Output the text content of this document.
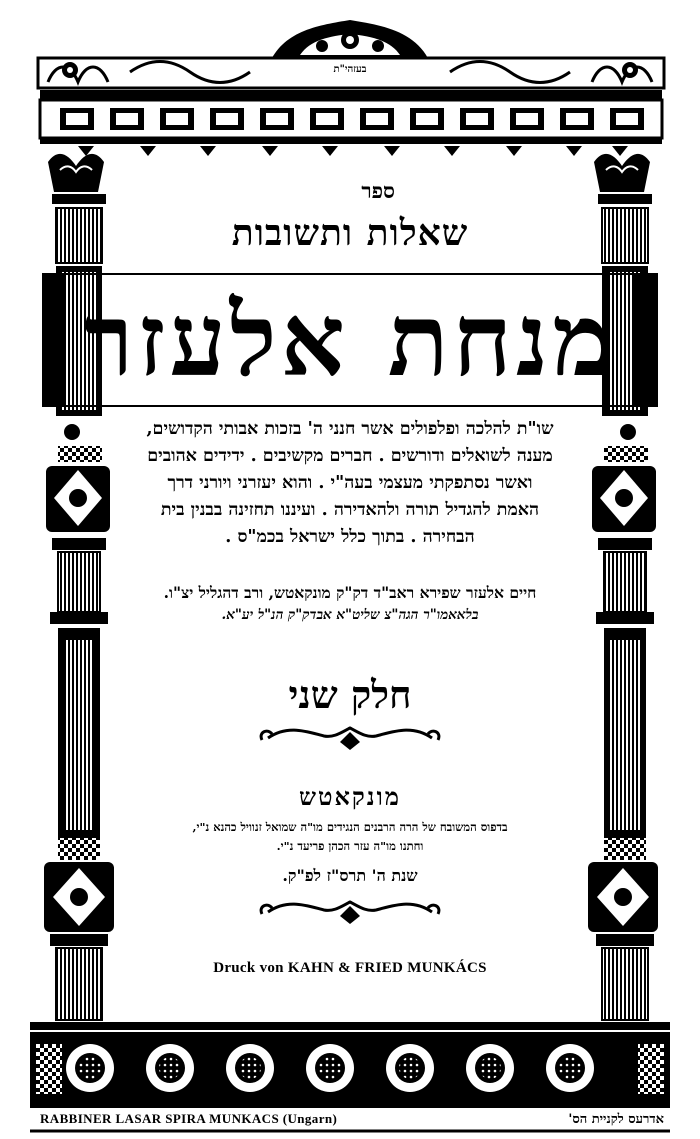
בעזהי"ת

ספר

שאלות ותשובות

מנחת אלעזר

שו"ת להלכה ופלפולים אשר חנני ה' בזכות אבותי הקדושים,
מענה לשואלים ודורשים . חברים מקשיבים . ידידים אהובים
ואשר נסתפקתי מעצמי בעה"י . והוא יעזרני ויורני דרך
האמת להגדיל תורה ולהאדירה . ועיננו תחזינה בבנין בית
הבחירה . בתוך כלל ישראל בכמ"ס .

חיים אלעזר שפירא ראב"ד דק"ק מונקאטש, ורב דהגליל יצ"ו.

בלאאמו"ר הגה"צ שליט"א אבדק"ק הנ"ל יע"א.

חלק שני

מונקאטש

בדפוס המשובח של הרה הרבנים הנגידים מו"ה שמואל זנוויל כהנא נ"י,
וחתנו מו"ה עזר הכהן פריעד נ"י.

שנת ה' תרס"ז לפ"ק.

Druck von KAHN & FRIED MUNKÁCS

RABBINER LASAR SPIRA MUNKACS (Ungarn)	אדרעס לקניית הס'
